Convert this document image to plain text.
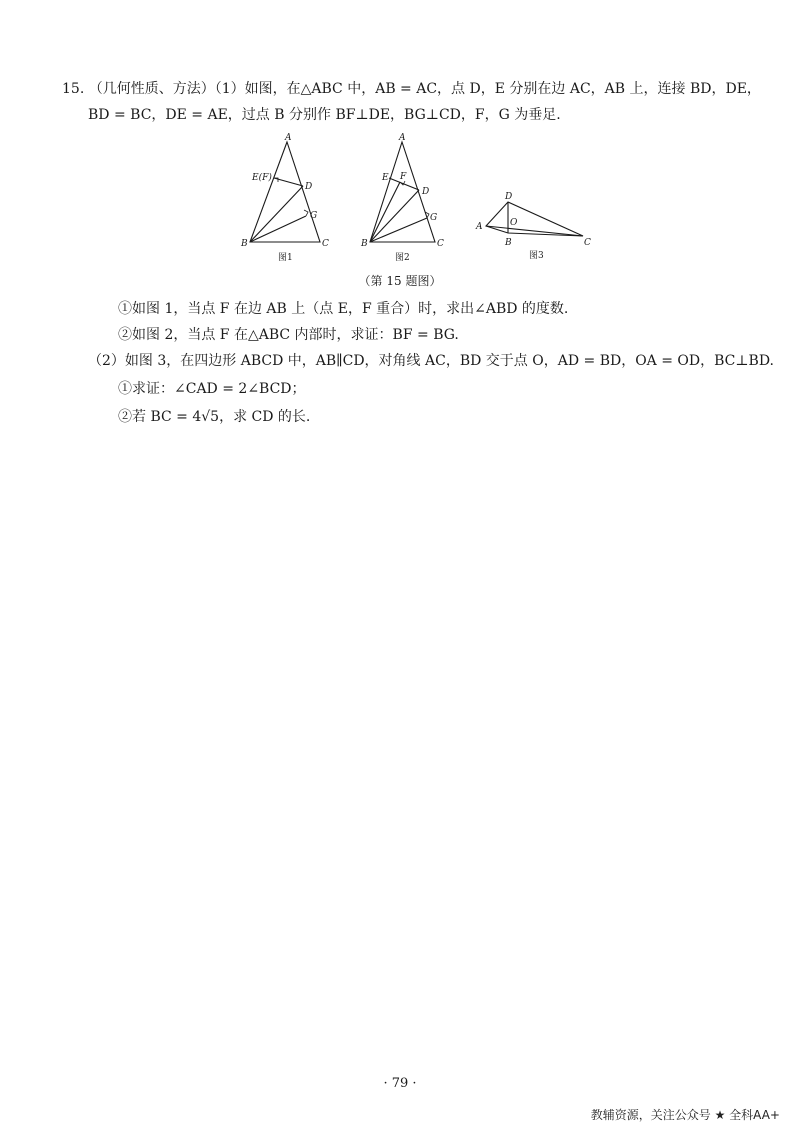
15. （几何性质、方法）（1）如图，在△ABC 中，AB = AC，点 D，E 分别在边 AC，AB 上，连接 BD，DE，
BD = BC，DE = AE，过点 B 分别作 BF⊥DE，BG⊥CD，F，G 为垂足.
A
E(F)
D
G
B	C
图1
A
E F
D
G
B	C
图2
D
A	O
B	C
图3
（第 15 题图）
①如图 1，当点 F 在边 AB 上（点 E，F 重合）时，求出∠ABD 的度数.
②如图 2，当点 F 在△ABC 内部时，求证：BF = BG.
（2）如图 3，在四边形 ABCD 中，AB∥CD，对角线 AC，BD 交于点 O，AD = BD，OA = OD，BC⊥BD.
①求证：∠CAD = 2∠BCD；
②若 BC = 4√5，求 CD 的长.
· 79 ·
教辅资源，关注公众号 ★ 全科AA+
